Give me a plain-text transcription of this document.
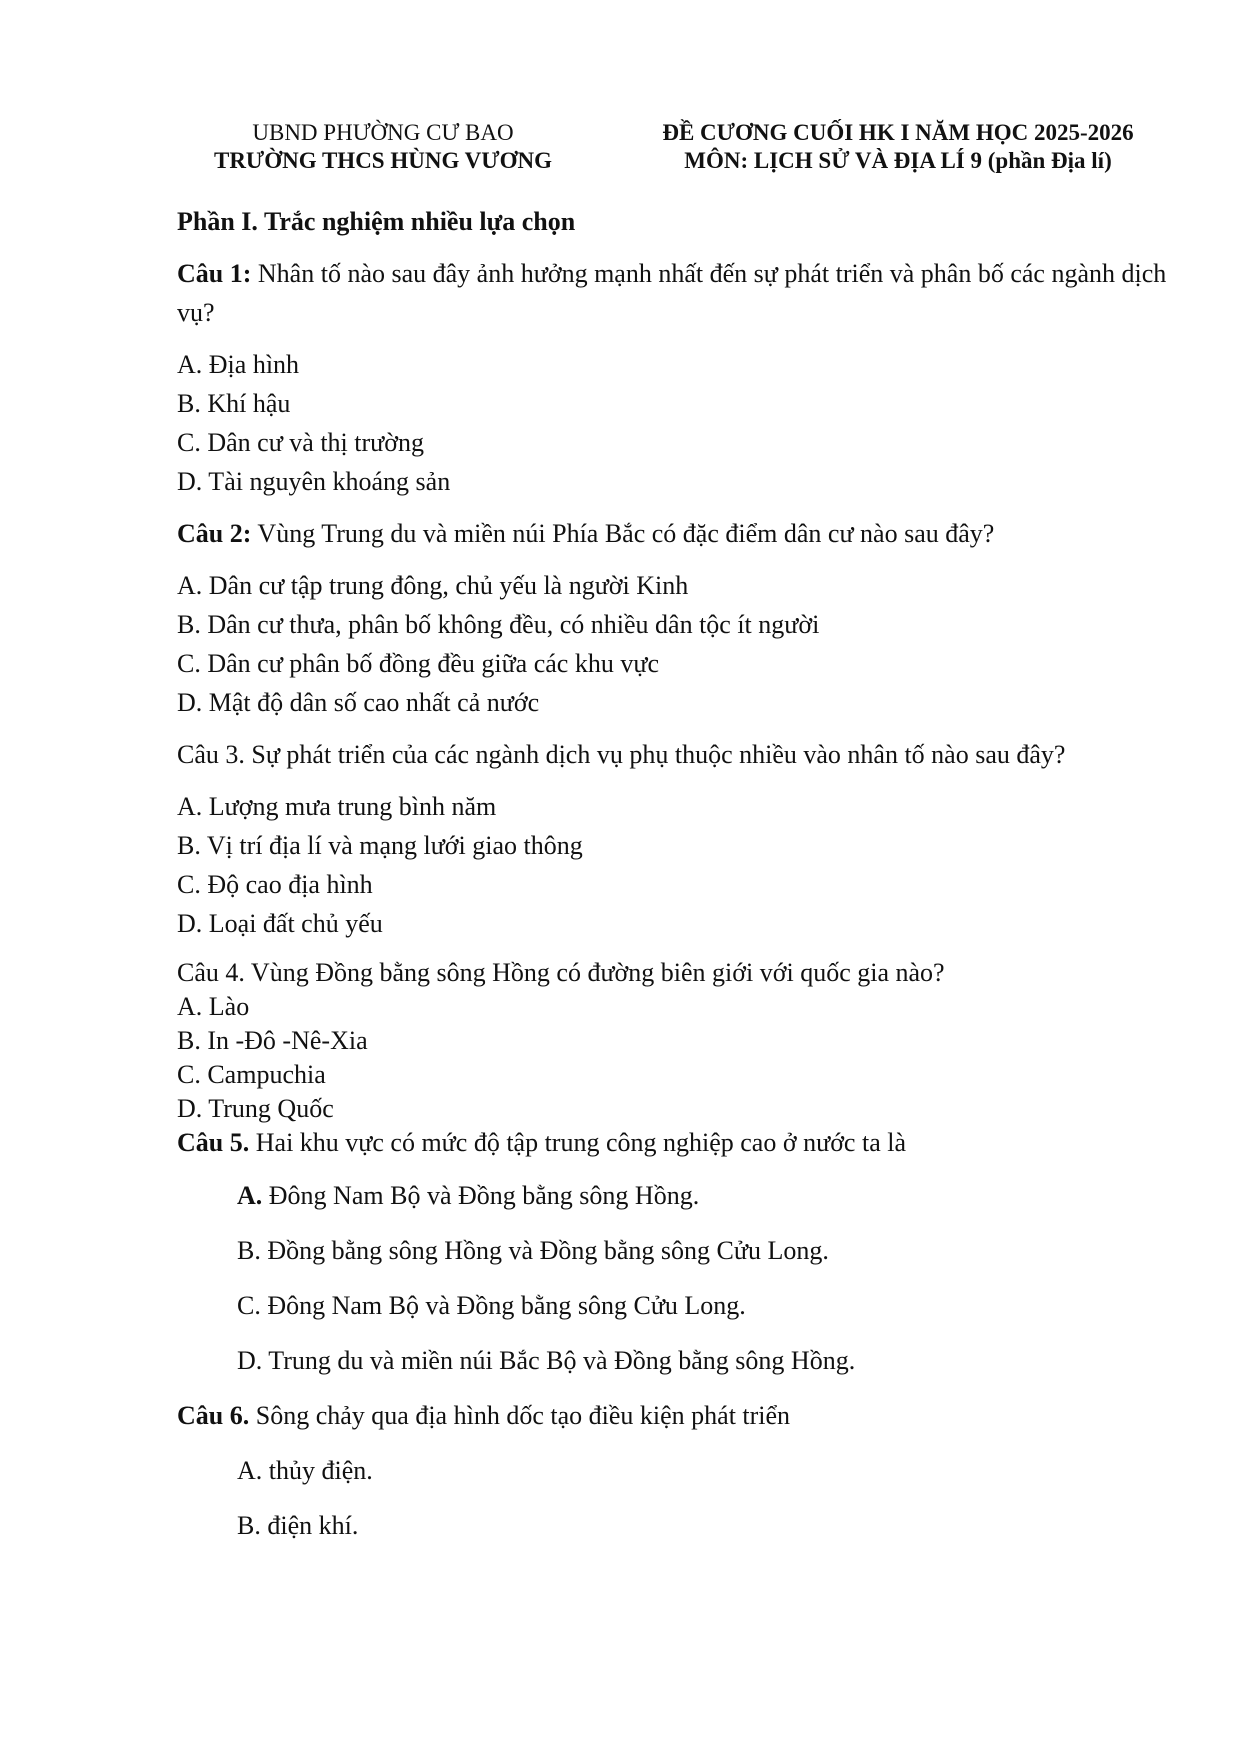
UBND PHƯỜNG CƯ BAO
TRƯỜNG THCS HÙNG VƯƠNG
ĐỀ CƯƠNG CUỐI HK I NĂM HỌC 2025-2026
MÔN: LỊCH SỬ VÀ ĐỊA LÍ 9 (phần Địa lí)
Phần I. Trắc nghiệm nhiều lựa chọn
Câu 1: Nhân tố nào sau đây ảnh hưởng mạnh nhất đến sự phát triển và phân bố các ngành dịch vụ?
A. Địa hình
B. Khí hậu
C. Dân cư và thị trường
D. Tài nguyên khoáng sản
Câu 2: Vùng Trung du và miền núi Phía Bắc có đặc điểm dân cư nào sau đây?
A. Dân cư tập trung đông, chủ yếu là người Kinh
B. Dân cư thưa, phân bố không đều, có nhiều dân tộc ít người
C. Dân cư phân bố đồng đều giữa các khu vực
D. Mật độ dân số cao nhất cả nước
Câu 3. Sự phát triển của các ngành dịch vụ phụ thuộc nhiều vào nhân tố nào sau đây?
A. Lượng mưa trung bình năm
B. Vị trí địa lí và mạng lưới giao thông
C. Độ cao địa hình
D. Loại đất chủ yếu
Câu 4. Vùng Đồng bằng sông Hồng có đường biên giới với quốc gia nào?
A. Lào
B. In -Đô -Nê-Xia
C. Campuchia
D. Trung Quốc
Câu 5. Hai khu vực có mức độ tập trung công nghiệp cao ở nước ta là
A. Đông Nam Bộ và Đồng bằng sông Hồng.
B. Đồng bằng sông Hồng và Đồng bằng sông Cửu Long.
C. Đông Nam Bộ và Đồng bằng sông Cửu Long.
D. Trung du và miền núi Bắc Bộ và Đồng bằng sông Hồng.
Câu 6. Sông chảy qua địa hình dốc tạo điều kiện phát triển
A. thủy điện.
B. điện khí.
